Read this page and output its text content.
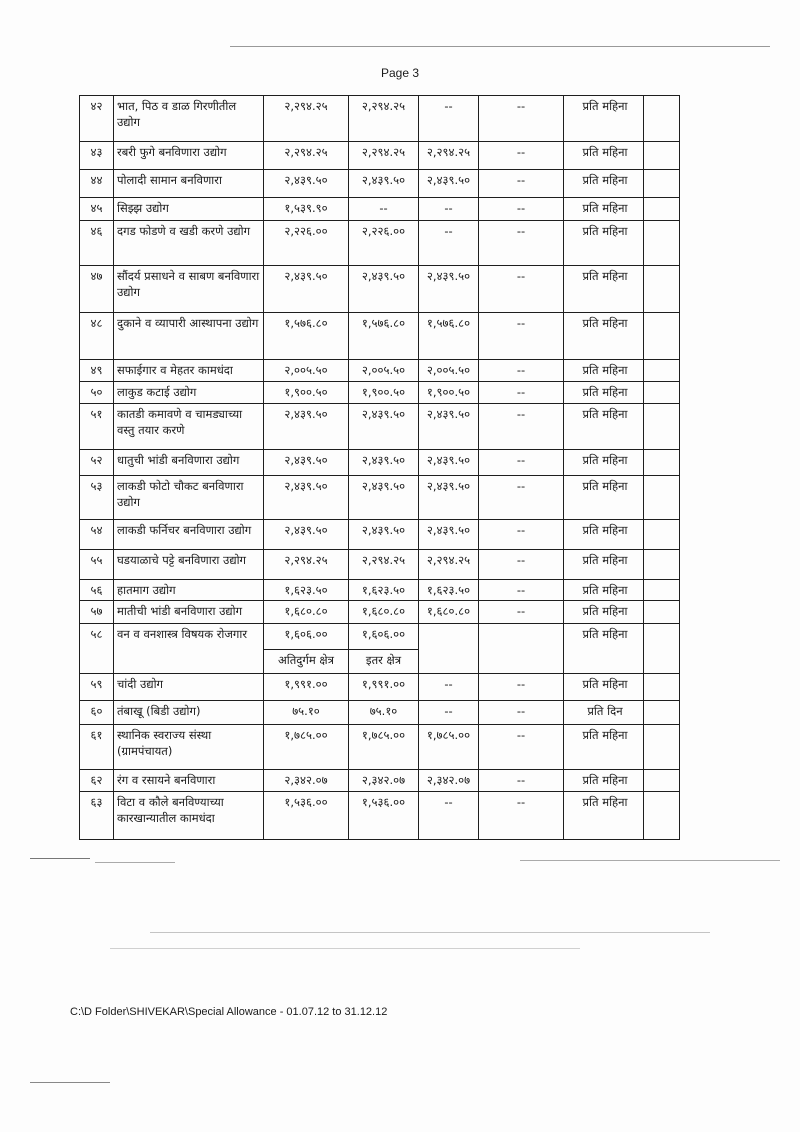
Page 3
४२	भात, पिठ व डाळ गिरणीतील उद्योग	२,२९४.२५	२,२९४.२५	--	--	प्रति महिना	
४३	रबरी फुगे बनविणारा उद्योग	२,२९४.२५	२,२९४.२५	२,२९४.२५	--	प्रति महिना	
४४	पोलादी सामान बनविणारा	२,४३९.५०	२,४३९.५०	२,४३९.५०	--	प्रति महिना	
४५	सिझ्झ उद्योग	१,५३९.९०	--	--	--	प्रति महिना	
४६	दगड फोडणे व खडी करणे उद्योग	२,२२६.००	२,२२६.००	--	--	प्रति महिना	
४७	सौंदर्य प्रसाधने व साबण बनविणारा उद्योग	२,४३९.५०	२,४३९.५०	२,४३९.५०	--	प्रति महिना	
४८	दुकाने व व्यापारी आस्थापना उद्योग	१,५७६.८०	१,५७६.८०	१,५७६.८०	--	प्रति महिना	
४९	सफाईगार व मेहतर कामधंदा	२,००५.५०	२,००५.५०	२,००५.५०	--	प्रति महिना	
५०	लाकुड कटाई उद्योग	१,९००.५०	१,९००.५०	१,९००.५०	--	प्रति महिना	
५१	कातडी कमावणे व चामड्याच्या वस्तु तयार करणे	२,४३९.५०	२,४३९.५०	२,४३९.५०	--	प्रति महिना	
५२	धातुची भांडी बनविणारा उद्योग	२,४३९.५०	२,४३९.५०	२,४३९.५०	--	प्रति महिना	
५३	लाकडी फोटो चौकट बनविणारा उद्योग	२,४३९.५०	२,४३९.५०	२,४३९.५०	--	प्रति महिना	
५४	लाकडी फर्निचर बनविणारा उद्योग	२,४३९.५०	२,४३९.५०	२,४३९.५०	--	प्रति महिना	
५५	घडयाळाचे पट्टे बनविणारा उद्योग	२,२९४.२५	२,२९४.२५	२,२९४.२५	--	प्रति महिना	
५६	हातमाग उद्योग	१,६२३.५०	१,६२३.५०	१,६२३.५०	--	प्रति महिना	
५७	मातीची भांडी बनविणारा उद्योग	१,६८०.८०	१,६८०.८०	१,६८०.८०	--	प्रति महिना	
५८	वन व वनशास्त्र विषयक रोजगार	१,६०६.००	१,६०६.००			प्रति महिना	
		अतिदुर्गम क्षेत्र	इतर क्षेत्र				
५९	चांदी उद्योग	१,९९१.००	१,९९१.००	--	--	प्रति महिना	
६०	तंबाखू (बिडी उद्योग)	७५.१०	७५.१०	--	--	प्रति दिन	
६१	स्थानिक स्वराज्य संस्था (ग्रामपंचायत)	१,७८५.००	१,७८५.००	१,७८५.००	--	प्रति महिना	
६२	रंग व रसायने बनविणारा	२,३४२.०७	२,३४२.०७	२,३४२.०७	--	प्रति महिना	
६३	विटा व कौले बनविण्याच्या कारखान्यातील कामधंदा	१,५३६.००	१,५३६.००	--	--	प्रति महिना	
C:\D Folder\SHIVEKAR\Special Allowance - 01.07.12 to 31.12.12
